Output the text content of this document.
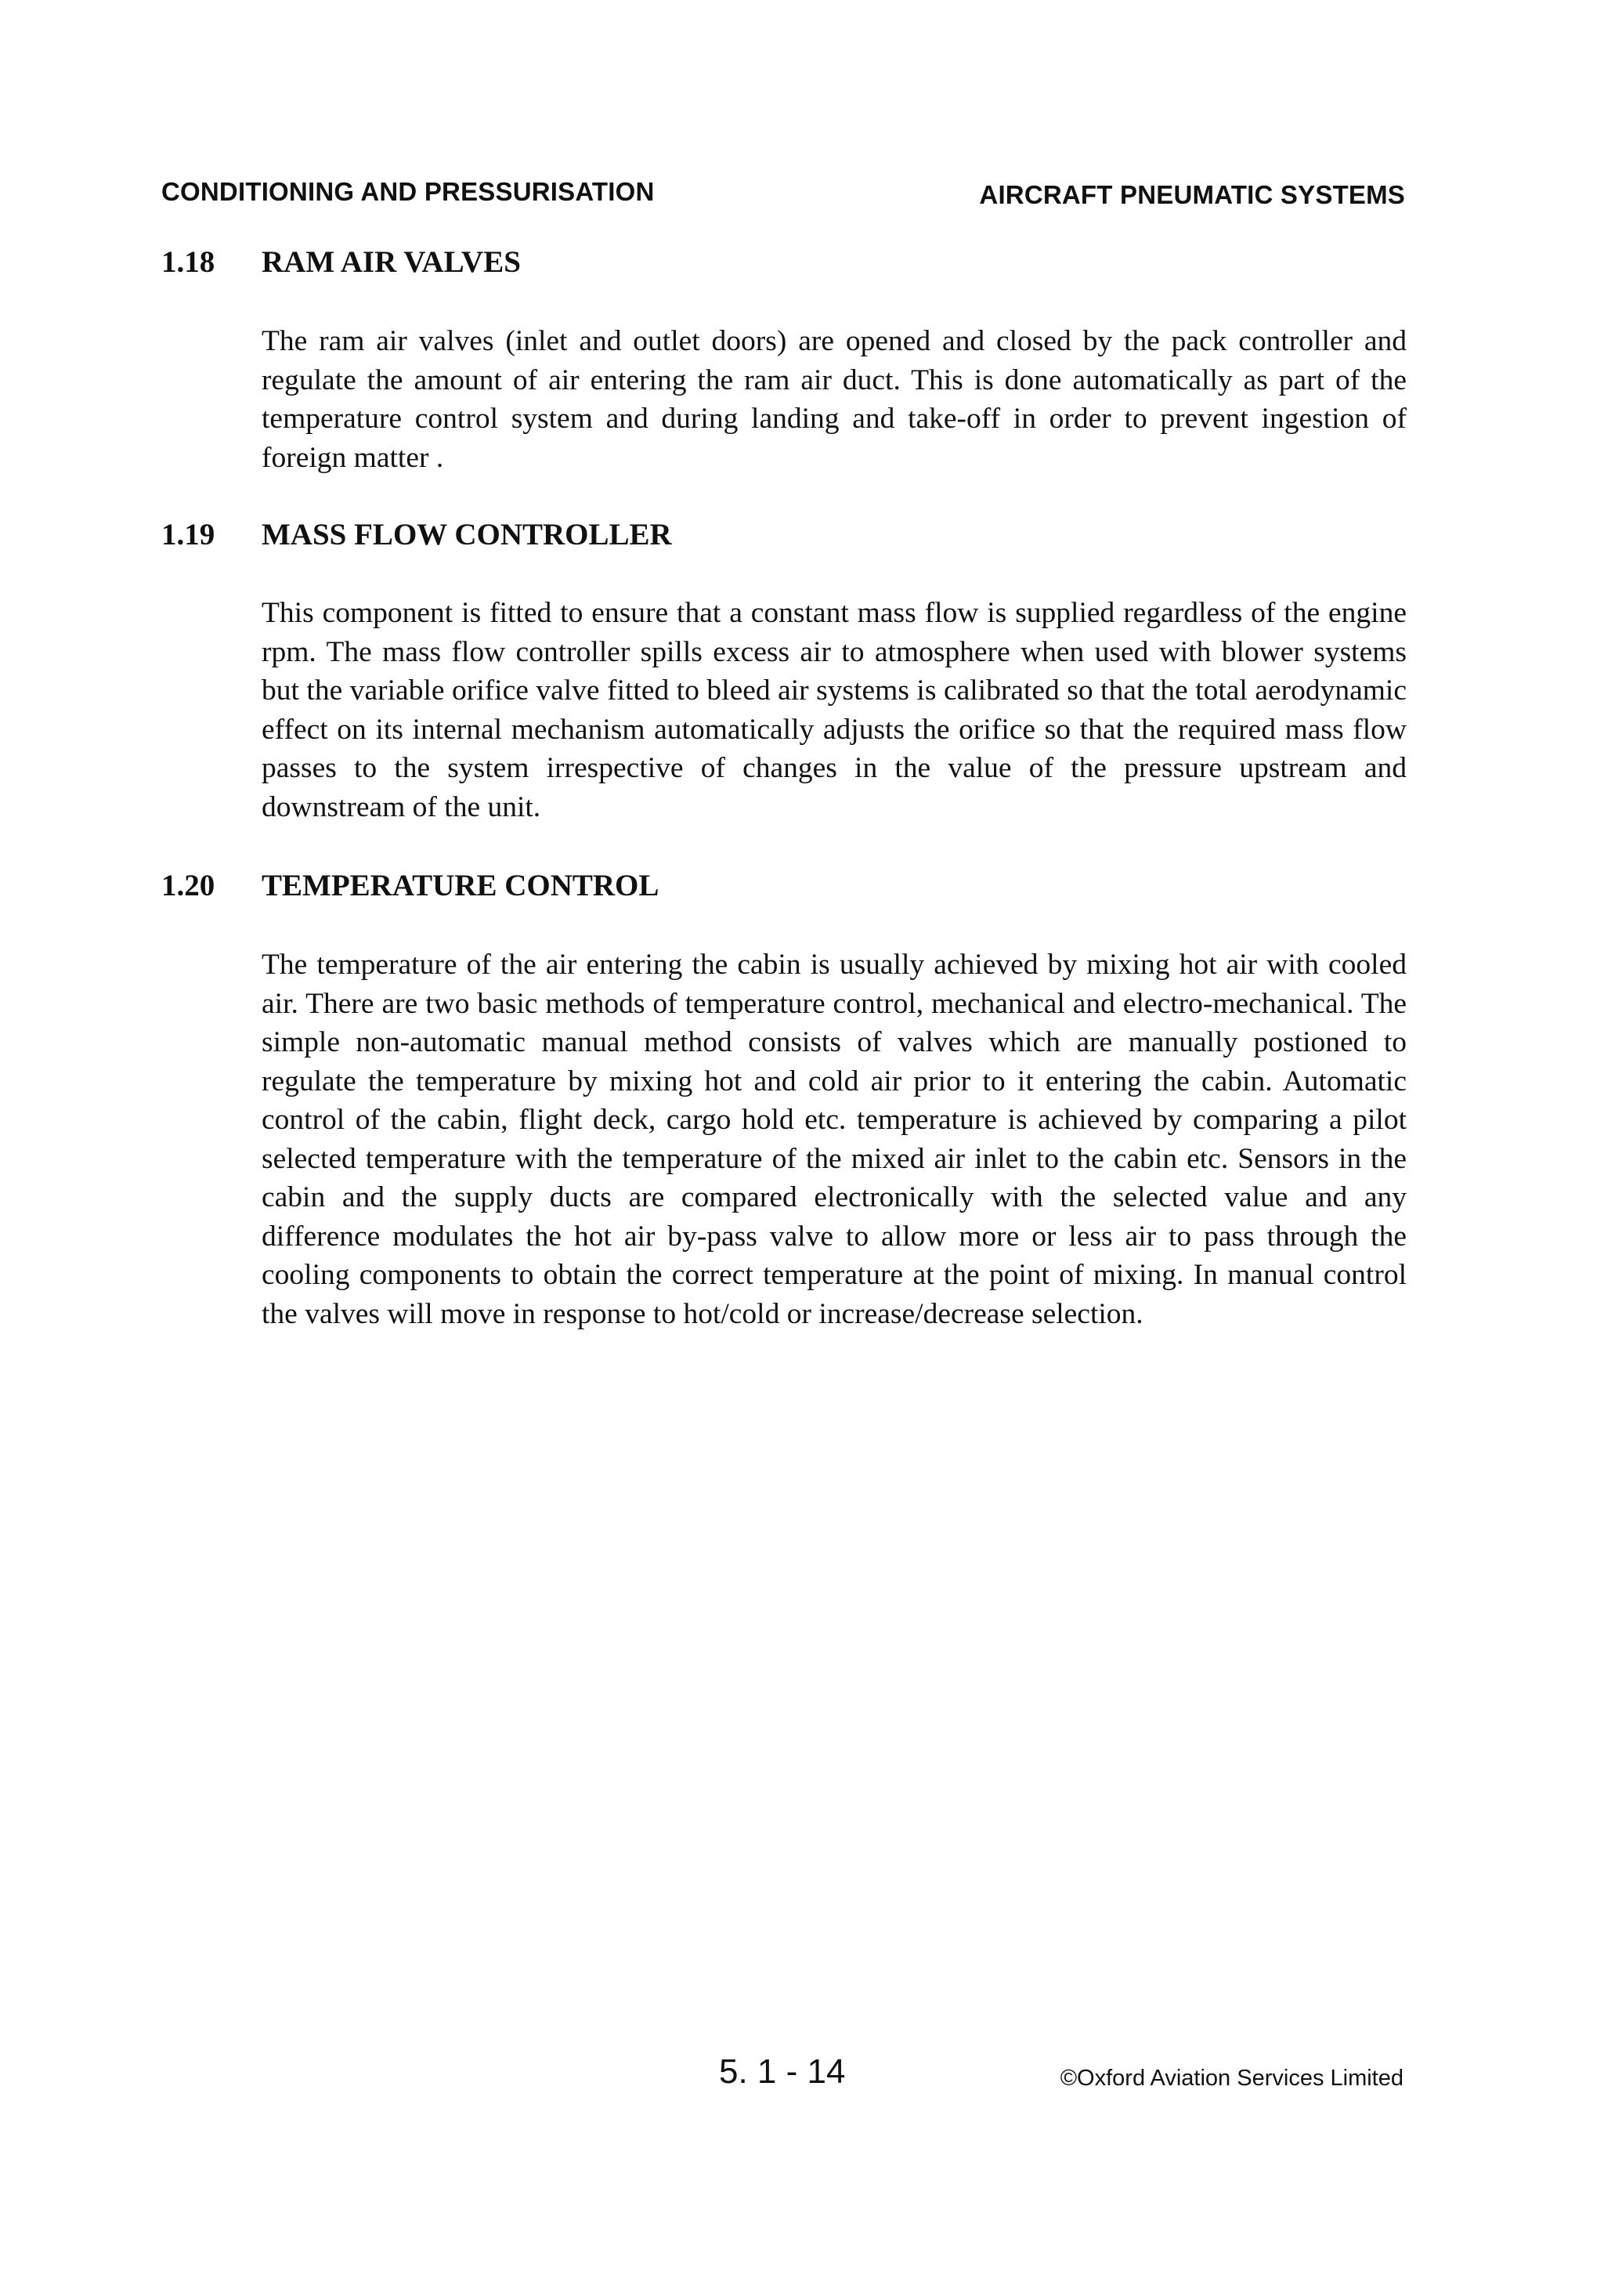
CONDITIONING AND PRESSURISATION	AIRCRAFT PNEUMATIC SYSTEMS
1.18 RAM AIR VALVES

The ram air valves (inlet and outlet doors) are opened and closed by the pack controller and regulate the amount of air entering the ram air duct. This is done automatically as part of the temperature control system and during landing and take-off in order to prevent ingestion of foreign matter .

1.19 MASS FLOW CONTROLLER

This component is fitted to ensure that a constant mass flow is supplied regardless of the engine rpm. The mass flow controller spills excess air to atmosphere when used with blower systems but the variable orifice valve fitted to bleed air systems is calibrated so that the total aerodynamic effect on its internal mechanism automatically adjusts the orifice so that the required mass flow passes to the system irrespective of changes in the value of the pressure upstream and downstream of the unit.

1.20 TEMPERATURE CONTROL

The temperature of the air entering the cabin is usually achieved by mixing hot air with cooled air. There are two basic methods of temperature control, mechanical and electro-mechanical. The simple non-automatic manual method consists of valves which are manually postioned to regulate the temperature by mixing hot and cold air prior to it entering the cabin. Automatic control of the cabin, flight deck, cargo hold etc. temperature is achieved by comparing a pilot selected temperature with the temperature of the mixed air inlet to the cabin etc. Sensors in the cabin and the supply ducts are compared electronically with the selected value and any difference modulates the hot air by-pass valve to allow more or less air to pass through the cooling components to obtain the correct temperature at the point of mixing. In manual control the valves will move in response to hot/cold or increase/decrease selection.

5. 1 - 14	©Oxford Aviation Services Limited
